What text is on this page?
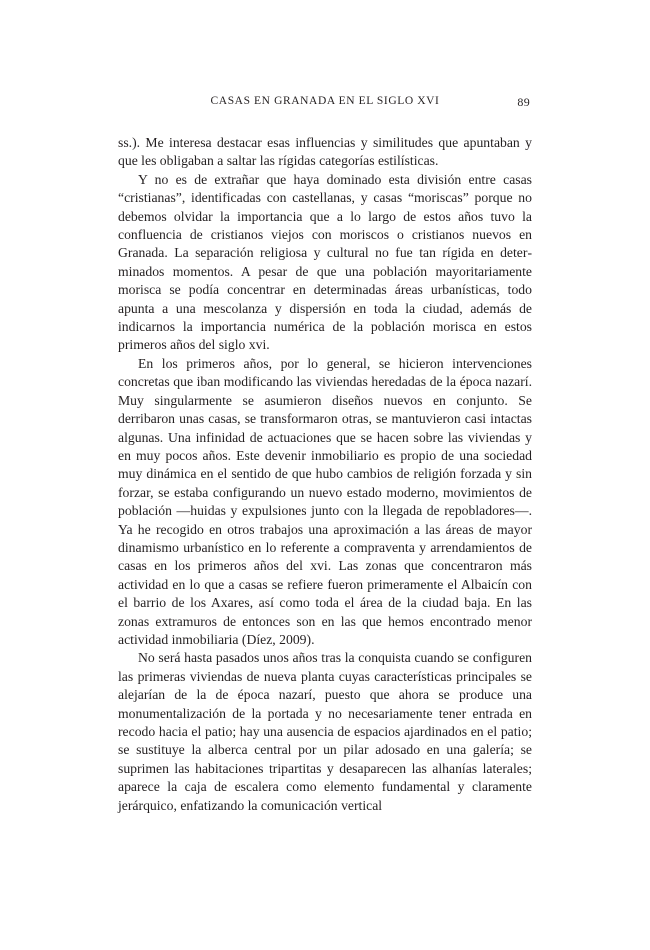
CASAS EN GRANADA EN EL SIGLO XVI	89

ss.). Me interesa destacar esas influencias y similitudes que apuntaban y que les obligaban a saltar las rígidas categorías estilísticas.

Y no es de extrañar que haya dominado esta división entre casas “cristianas”, identificadas con castellanas, y casas “moriscas” porque no debemos olvidar la importancia que a lo largo de estos años tuvo la confluencia de cristianos viejos con moriscos o cristianos nuevos en Granada. La separación religiosa y cultural no fue tan rígida en determinados momentos. A pesar de que una población mayoritariamente morisca se podía concentrar en determinadas áreas urbanísticas, todo apunta a una mescolanza y dispersión en toda la ciudad, además de indicarnos la importancia numérica de la población morisca en estos primeros años del siglo xvi.

En los primeros años, por lo general, se hicieron intervenciones concretas que iban modificando las viviendas heredadas de la época nazarí. Muy singularmente se asumieron diseños nuevos en conjunto. Se derribaron unas casas, se transformaron otras, se mantuvieron casi intactas algunas. Una infinidad de actuaciones que se hacen sobre las viviendas y en muy pocos años. Este devenir inmobiliario es propio de una sociedad muy dinámica en el sentido de que hubo cambios de religión forzada y sin forzar, se estaba configurando un nuevo estado moderno, movimientos de población —huidas y expulsiones junto con la llegada de repobladores—. Ya he recogido en otros trabajos una aproximación a las áreas de mayor dinamismo urbanístico en lo referente a compraventa y arrendamientos de casas en los primeros años del xvi. Las zonas que concentraron más actividad en lo que a casas se refiere fueron primeramente el Albaicín con el barrio de los Axares, así como toda el área de la ciudad baja. En las zonas extramuros de entonces son en las que hemos encontrado menor actividad inmobiliaria (Díez, 2009).

No será hasta pasados unos años tras la conquista cuando se configuren las primeras viviendas de nueva planta cuyas características principales se alejarían de la de época nazarí, puesto que ahora se produce una monumentalización de la portada y no necesariamente tener entrada en recodo hacia el patio; hay una ausencia de espacios ajardinados en el patio; se sustituye la alberca central por un pilar adosado en una galería; se suprimen las habitaciones tripartitas y desaparecen las alhanías laterales; aparece la caja de escalera como elemento fundamental y claramente jerárquico, enfatizando la comunicación vertical
